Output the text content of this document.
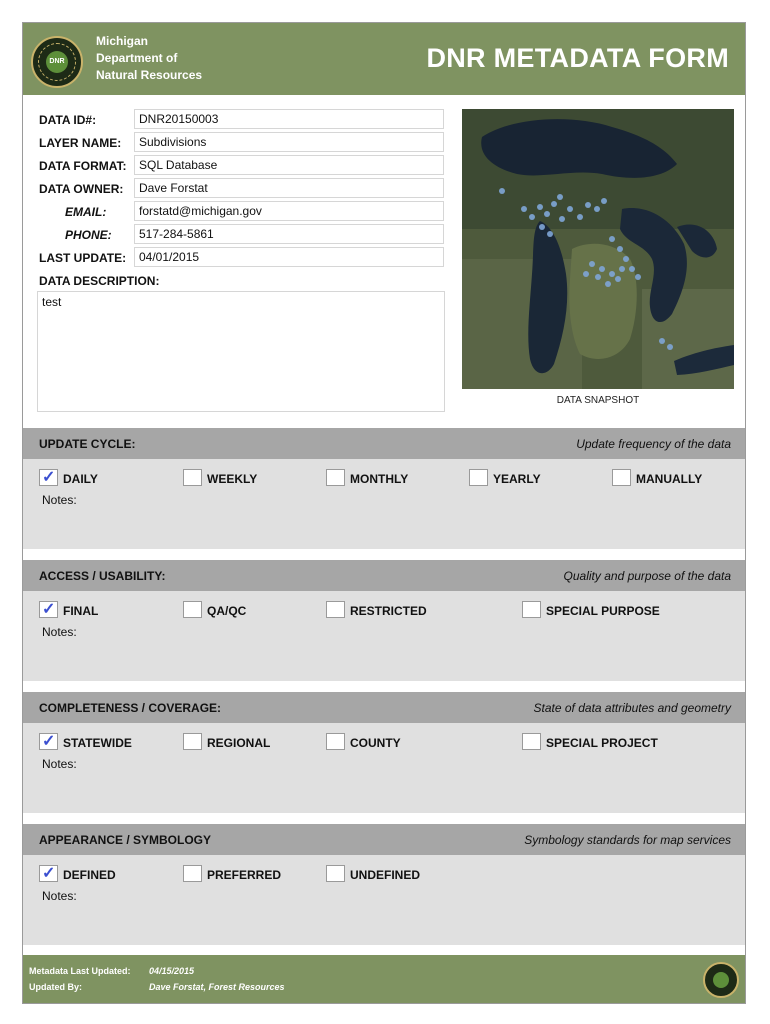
DNR
Michigan
Department of
Natural Resources
DNR METADATA FORM
DATA ID#:	DNR20150003
LAYER NAME:	Subdivisions
DATA FORMAT:	SQL Database
DATA OWNER:	Dave Forstat
EMAIL:	forstatd@michigan.gov
PHONE:	517-284-5861
LAST UPDATE:	04/01/2015
DATA DESCRIPTION:
test
DATA SNAPSHOT
UPDATE CYCLE:	Update frequency of the data
✓ DAILY	WEEKLY	MONTHLY	YEARLY	MANUALLY
Notes:
ACCESS / USABILITY:	Quality and purpose of the data
✓ FINAL	QA/QC	RESTRICTED	SPECIAL PURPOSE
Notes:
COMPLETENESS / COVERAGE:	State of data attributes and geometry
✓ STATEWIDE	REGIONAL	COUNTY	SPECIAL PROJECT
Notes:
APPEARANCE / SYMBOLOGY	Symbology standards for map services
✓ DEFINED	PREFERRED	UNDEFINED
Notes:
Metadata Last Updated: 04/15/2015
Updated By:	Dave Forstat, Forest Resources
